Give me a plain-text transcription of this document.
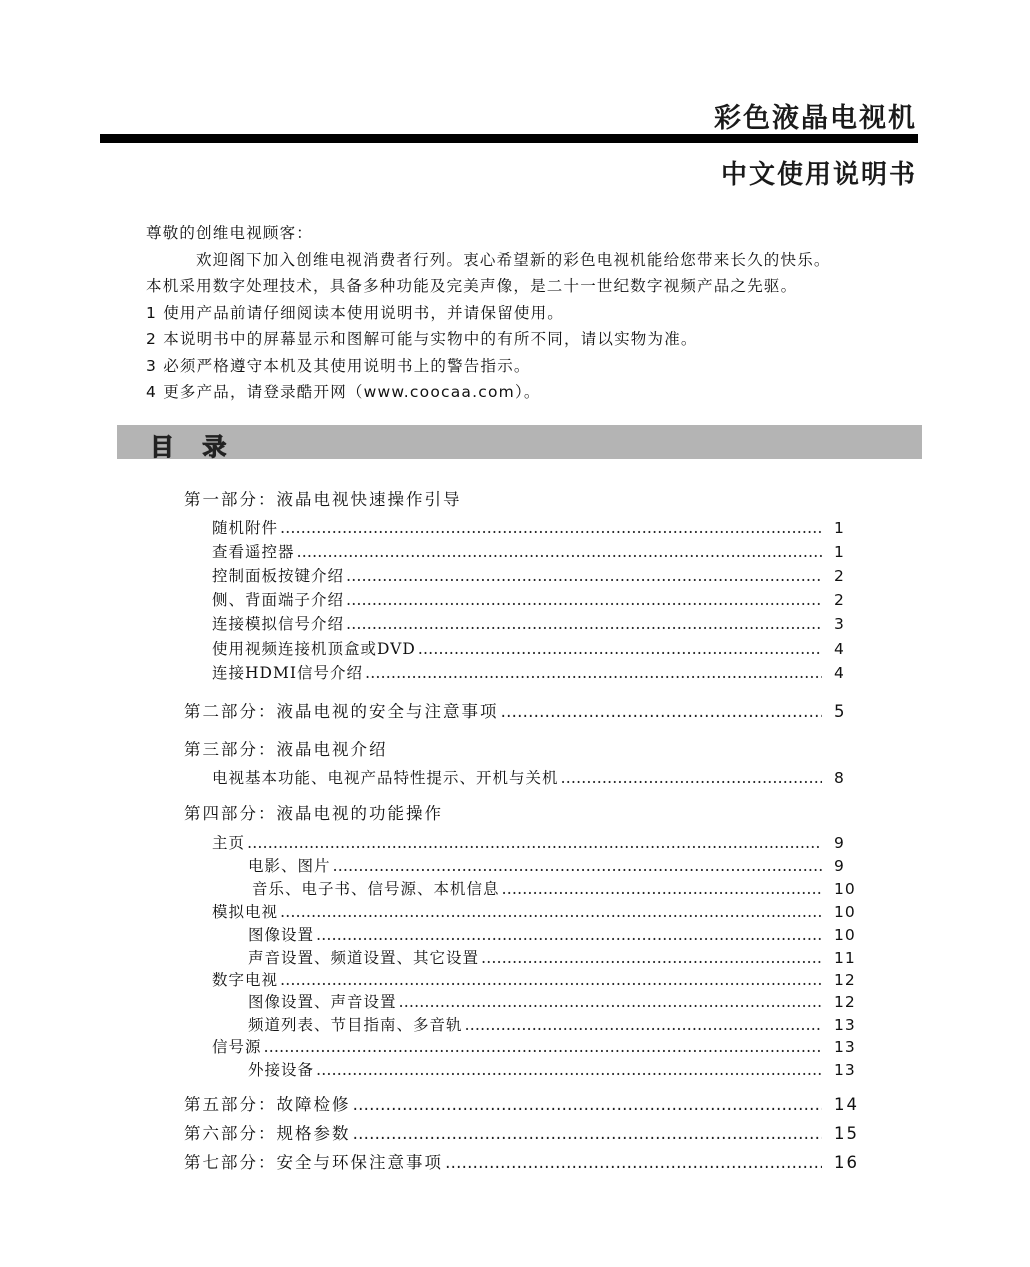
彩色液晶电视机
中文使用说明书
尊敬的创维电视顾客：
欢迎阁下加入创维电视消费者行列。衷心希望新的彩色电视机能给您带来长久的快乐。
本机采用数字处理技术，具备多种功能及完美声像，是二十一世纪数字视频产品之先驱。
1 使用产品前请仔细阅读本使用说明书，并请保留使用。
2 本说明书中的屏幕显示和图解可能与实物中的有所不同，请以实物为准。
3 必须严格遵守本机及其使用说明书上的警告指示。
4 更多产品，请登录酷开网（www.coocaa.com）。
目 录
第一部分：液晶电视快速操作引导
随机附件 …………………………………………………………………………………………………………………………………………………………………………………………	1
查看遥控器 …………………………………………………………………………………………………………………………………………………………………………………………	1
控制面板按键介绍 …………………………………………………………………………………………………………………………………………………………………………………………	2
侧、背面端子介绍 …………………………………………………………………………………………………………………………………………………………………………………………	2
连接模拟信号介绍 …………………………………………………………………………………………………………………………………………………………………………………………	3
使用视频连接机顶盒或DVD …………………………………………………………………………………………………………………………………………………………………………………………	4
连接HDMI信号介绍 …………………………………………………………………………………………………………………………………………………………………………………………	4
第二部分：液晶电视的安全与注意事项 …………………………………………………………………………………………………………………………………………………………………………………………	5
第三部分：液晶电视介绍
电视基本功能、电视产品特性提示、开机与关机 …………………………………………………………………………………………………………………………………………………………………………………………	8
第四部分：液晶电视的功能操作
主页 …………………………………………………………………………………………………………………………………………………………………………………………	9
电影、图片 …………………………………………………………………………………………………………………………………………………………………………………………	9
音乐、电子书、信号源、本机信息 …………………………………………………………………………………………………………………………………………………………………………………………	10
模拟电视 …………………………………………………………………………………………………………………………………………………………………………………………	10
图像设置 …………………………………………………………………………………………………………………………………………………………………………………………	10
声音设置、频道设置、其它设置 …………………………………………………………………………………………………………………………………………………………………………………………	11
数字电视 …………………………………………………………………………………………………………………………………………………………………………………………	12
图像设置、声音设置 …………………………………………………………………………………………………………………………………………………………………………………………	12
频道列表、节目指南、多音轨 …………………………………………………………………………………………………………………………………………………………………………………………	13
信号源 …………………………………………………………………………………………………………………………………………………………………………………………	13
外接设备 …………………………………………………………………………………………………………………………………………………………………………………………	13
第五部分：故障检修 …………………………………………………………………………………………………………………………………………………………………………………………	14
第六部分：规格参数 …………………………………………………………………………………………………………………………………………………………………………………………	15
第七部分：安全与环保注意事项 …………………………………………………………………………………………………………………………………………………………………………………………	16
